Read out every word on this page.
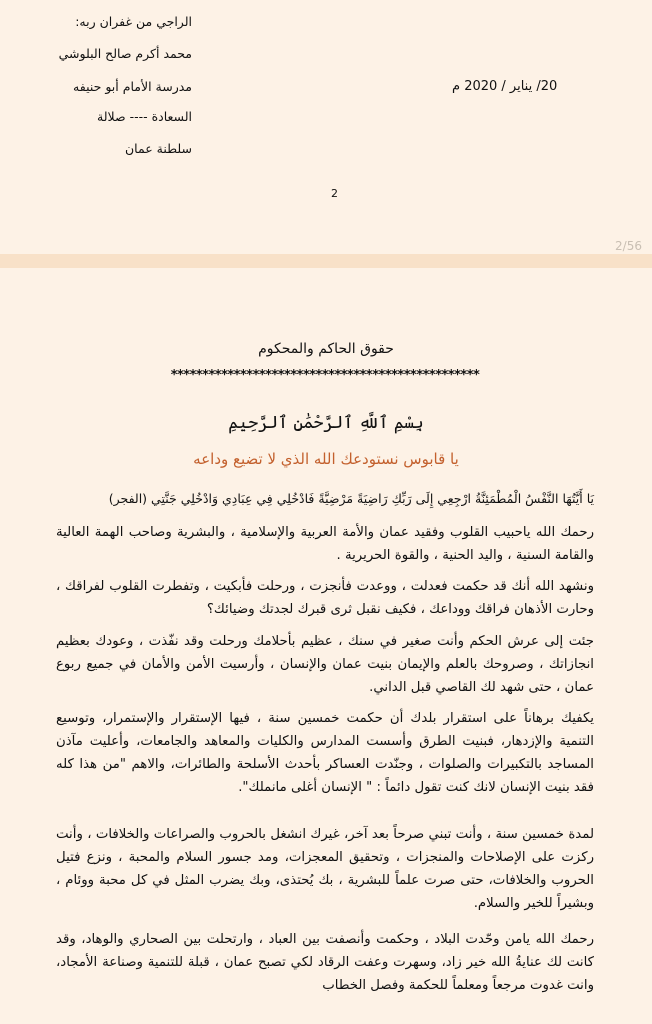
الراجي من غفران ربه:
محمد أكرم صالح البلوشي
مدرسة الأمام أبو حنيفه
السعادة ---- صلالة
سلطنة عمان
20/ يناير / 2020 م
2
2/56
حقوق الحاكم والمحكوم
*************************************************
بِسْمِ ٱللَّهِ ٱلرَّحْمَٰنِ ٱلرَّحِيمِ
يا قابوس نستودعك الله الذي لا تضيع وداعه
يَا أَيَّتُهَا النَّفْسُ الْمُطْمَئِنَّةُ ارْجِعِي إِلَى رَبِّكِ رَاضِيَةً مَرْضِيَّةً فَادْخُلِي فِي عِبَادِي وَادْخُلِي جَنَّتِي (الفجر)
رحمك الله ياحبيب القلوب وفقيد عمان والأمة العربية والإسلامية ، والبشرية وصاحب الهمة العالية والقامة السنية ، واليد الحنية ، والقوة الحريرية .
ونشهد الله أنك قد حكمت فعدلت ، ووعدت فأنجزت ، ورحلت فأبكيت ، وتفطرت القلوب لفراقك ، وحارت الأذهان فراقك ووداعك ، فكيف نقبل ثرى قبرك لجدتك وضيائك؟
جئت إلى عرش الحكم وأنت صغير في سنك ، عظيم بأحلامك ورحلت وقد نفّذت ، وعودك بعظيم انجازاتك ، وصروحك بالعلم والإيمان بنيت عمان والإنسان ، وأرسيت الأمن والأمان في جميع ربوع عمان ، حتى شهد لك القاصي قبل الداني.
يكفيك برهاناً على استقرار بلدك أن حكمت خمسين سنة ، فيها الإستقرار والإستمرار، وتوسيع التنمية والإزدهار، فبنيت الطرق وأسست المدارس والكليات والمعاهد والجامعات، وأعليت مآذن المساجد بالتكبيرات والصلوات ، وجنّدت العساكر بأحدث الأسلحة والطائرات، والاهم "من هذا كله فقد بنيت الإنسان لانك كنت تقول دائماً : " الإنسان أغلى مانملك".
لمدة خمسين سنة ، وأنت تبني صرحاً بعد آخر، غيرك انشغل بالحروب والصراعات والخلافات ، وأنت ركزت على الإصلاحات والمنجزات ، وتحقيق المعجزات، ومد جسور السلام والمحبة ، ونزع فتيل الحروب والخلافات، حتى صرت علماً للبشرية ، بك يُحتذى، وبك يضرب المثل في كل محبة ووئام ، وبشيراً للخير والسلام.
رحمك الله يامن وحّدت البلاد ، وحكمت وأنصفت بين العباد ، وارتحلت بين الصحاري والوهاد، وقد كانت لك عنايةُ الله خير زاد، وسهرت وعفت الرقاد لكي تصبح عمان ، قبلة للتنمية وصناعة الأمجاد، وانت غدوت مرجعاً ومعلماً للحكمة وفصل الخطاب
